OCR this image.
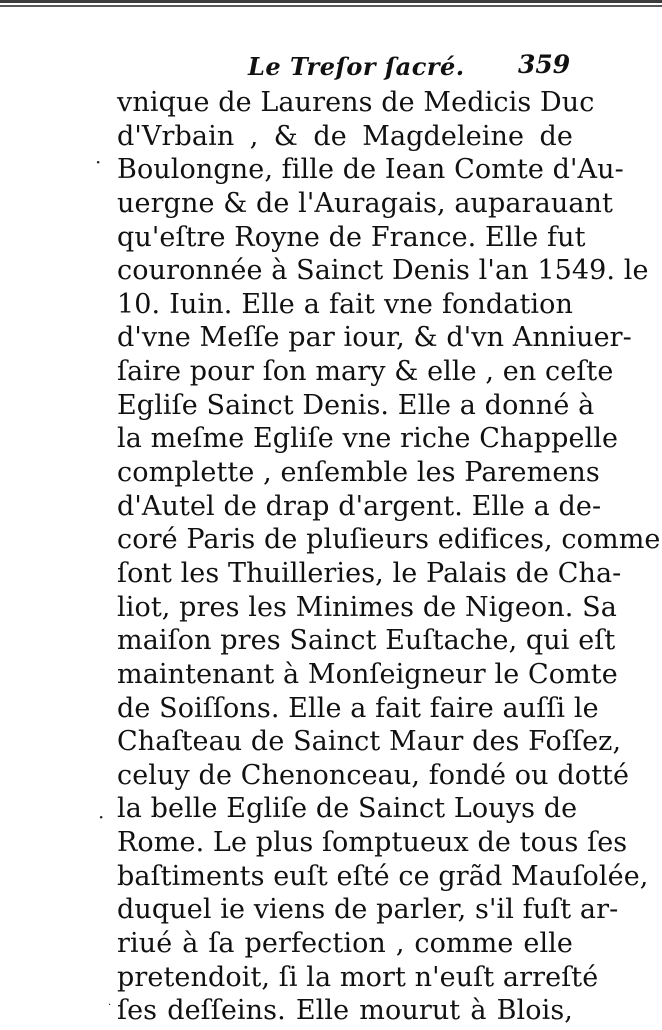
Le Treſor ſacré. 359
·
·
·
vnique de Laurens de Medicis Duc
d'Vrbain , & de Magdeleine de
Boulongne, fille de Iean Comte d'Au-
uergne & de l'Auragais, auparauant
qu'eſtre Royne de France. Elle fut
couronnée à Sainct Denis l'an 1549. le
10. Iuin. Elle a fait vne fondation
d'vne Meſſe par iour, & d'vn Anniuer-
ſaire pour ſon mary & elle , en ceſte
Egliſe Sainct Denis. Elle a donné à
la meſme Egliſe vne riche Chappelle
complette , enſemble les Paremens
d'Autel de drap d'argent. Elle a de-
coré Paris de pluſieurs edifices, comme
ſont les Thuilleries, le Palais de Cha-
liot, pres les Minimes de Nigeon. Sa
maiſon pres Sainct Euſtache, qui eſt
maintenant à Monſeigneur le Comte
de Soiſſons. Elle a fait faire auſſi le
Chaſteau de Sainct Maur des Foſſez,
celuy de Chenonceau, fondé ou dotté
la belle Egliſe de Sainct Louys de
Rome. Le plus ſomptueux de tous ſes
baſtiments euſt eſté ce grãd Mauſolée,
duquel ie viens de parler, s'il fuſt ar-
riué à ſa perfection , comme elle
pretendoit, ſi la mort n'euſt arreſté
ſes deſſeins. Elle mourut à Blois,
